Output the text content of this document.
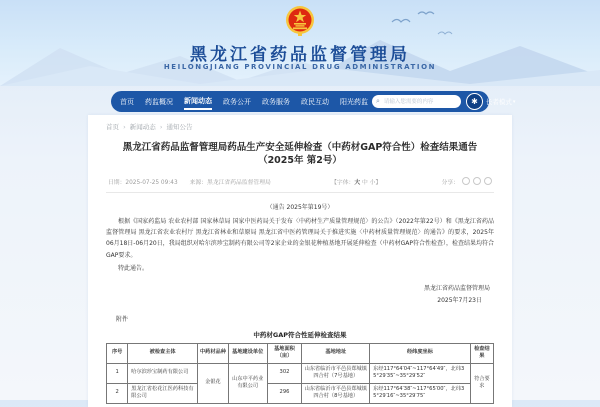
黑龙江省药品监督管理局
HEILONGJIANG PROVINCIAL DRUG ADMINISTRATION
首页 药监概况 新闻动态 政务公开 政务服务 政民互动 阳光药监 ⌕
请输入您需要的内容	✱	长者模式 ▾
首页 › 新闻动态 › 通知公告
黑龙江省药品监督管理局药品生产安全延伸检查（中药材GAP符合性）检查结果通告（2025年 第2号）
日期：2025-07-25 09:43 来源：黑龙江省药品监督管理局	【字体：大 中 小】	分享：
（通告 2025年第19号）
根据《国家药监局 农业农村部 国家林草局 国家中医药局关于发布〈中药材生产质量管理规范〉的公告》（2022年第22号）和《黑龙江省药品监督管理局 黑龙江省农业农村厅 黑龙江省林业和草原局 黑龙江省中医药管理局关于推进实施〈中药材质量管理规范〉的通告》的要求，2025年06月18日-06月20日，我局组织对哈尔滨珍宝制药有限公司等2家企业的金银花种植基地开展延伸检查（中药材GAP符合性检查），检查结果均符合GAP要求。
特此通告。
黑龙江省药品监督管理局
2025年7月23日
附件
中药材GAP符合性延伸检查结果
序号	被检查主体	中药材品种	基地建设单位	基地面积（亩）	基地地址	经纬度坐标	检查结果
1	哈尔滨珍宝制药有限公司	金银花	山东中平药业有限公司	302	山东省临沂市平邑县郑城镇四合村（7号基地）	东经117°64′04″~117°64′49″，北纬35°29′35″~35°29′52″	符合要求
2	黑龙江省松花江医药科技有限公司			296	山东省临沂市平邑县郑城镇四合村（8号基地）	东经117°64′38″~117°65′00″，北纬35°29′16″~35°29′75″	
